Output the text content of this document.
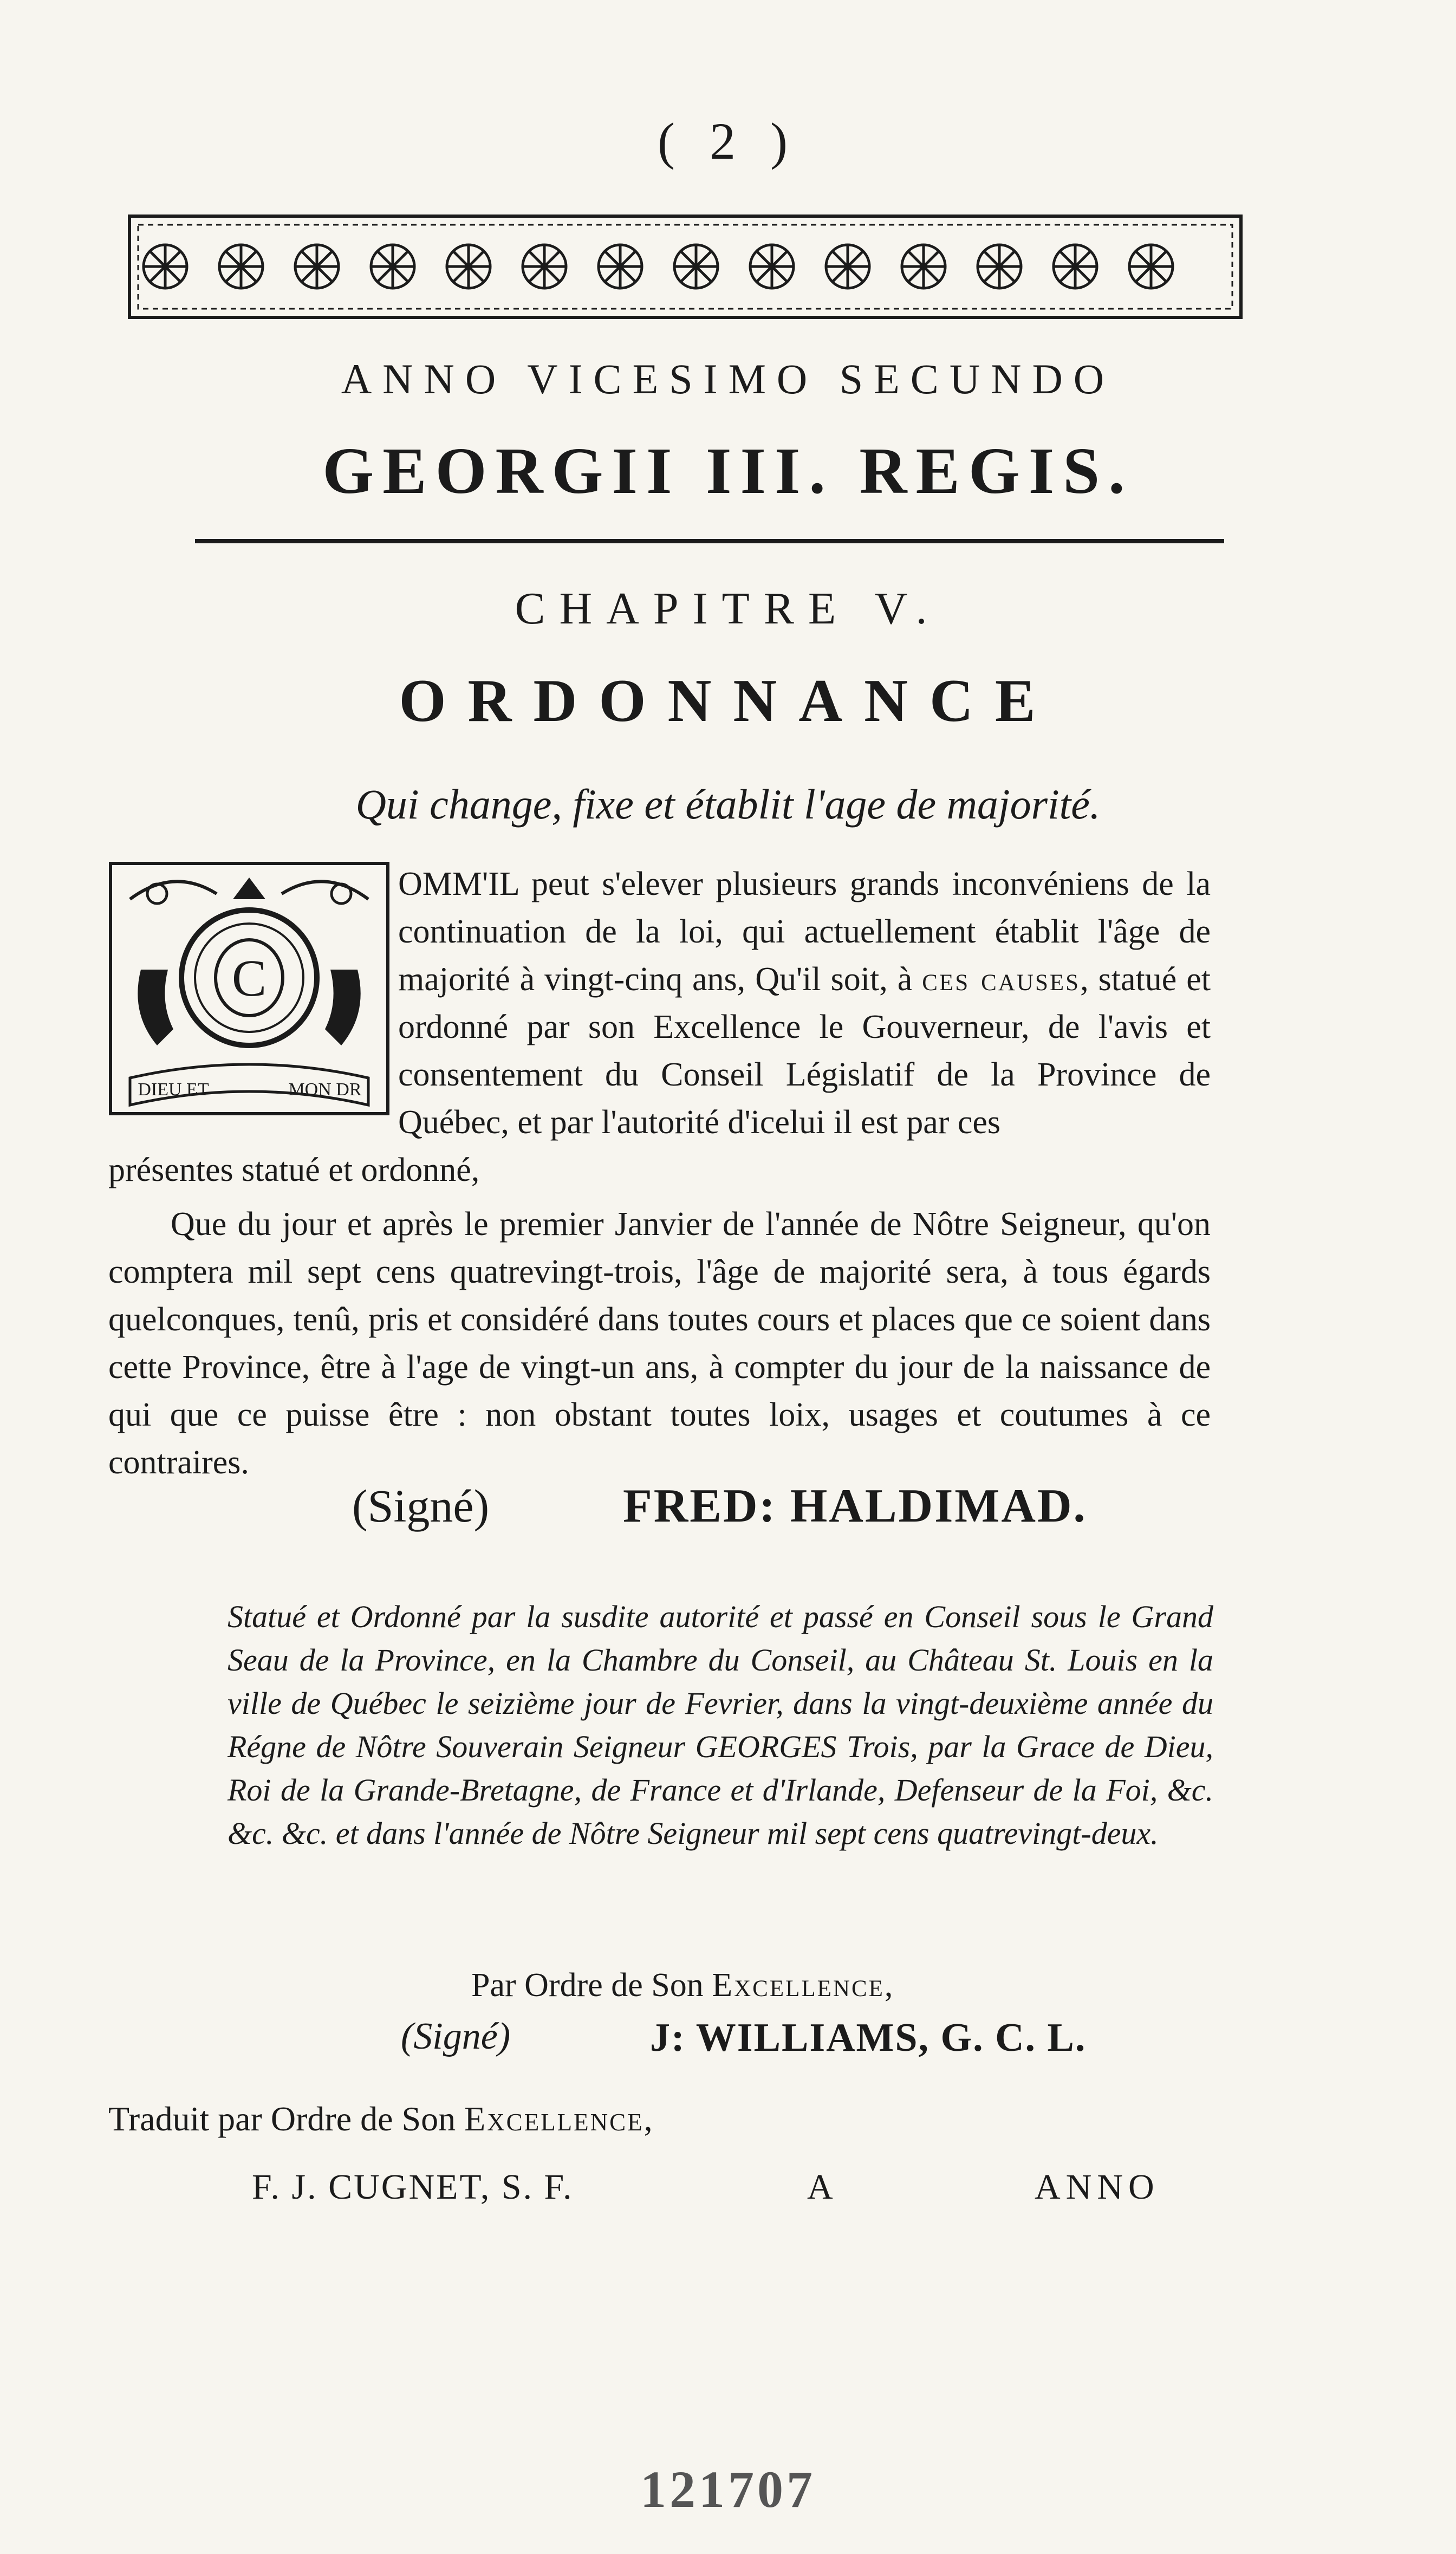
( 2 )
ANNO VICESIMO SECUNDO
GEORGII III. REGIS.
CHAPITRE V.
ORDONNANCE
Qui change, fixe et établit l'age de majorité.
C
DIEU ET	MON DR

OMM'IL peut s'elever plusieurs grands inconvéniens de la continuation de la loi, qui actuellement établit l'âge de majorité à vingt-cinq ans, Qu'il soit, à ces causes, statué et ordonné par son Excellence le Gouverneur, de l'avis et consentement du Conseil Législatif de la Province de Québec, et par l'autorité d'icelui il est par ces

présentes statué et ordonné,

Que du jour et après le premier Janvier de l'année de Nôtre Seigneur, qu'on comptera mil sept cens quatrevingt-trois, l'âge de majorité sera, à tous égards quelconques, tenû, pris et considéré dans toutes cours et places que ce soient dans cette Province, être à l'age de vingt-un ans, à compter du jour de la naissance de qui que ce puisse être : non obstant toutes loix, usages et coutumes à ce contraires.

(Signé)	FRED: HALDIMAD.

Statué et Ordonné par la susdite autorité et passé en Conseil sous le Grand Seau de la Province, en la Chambre du Conseil, au Château St. Louis en la ville de Québec le seizième jour de Fevrier, dans la vingt-deuxième année du Régne de Nôtre Souverain Seigneur GEORGES Trois, par la Grace de Dieu, Roi de la Grande-Bretagne, de France et d'Irlande, Defenseur de la Foi, &c. &c. &c. et dans l'année de Nôtre Seigneur mil sept cens quatrevingt-deux.

Par Ordre de Son Excellence,
(Signé)	J: WILLIAMS, G. C. L.
Traduit par Ordre de Son Excellence,
F. J. CUGNET, S. F.	A	ANNO
121707
